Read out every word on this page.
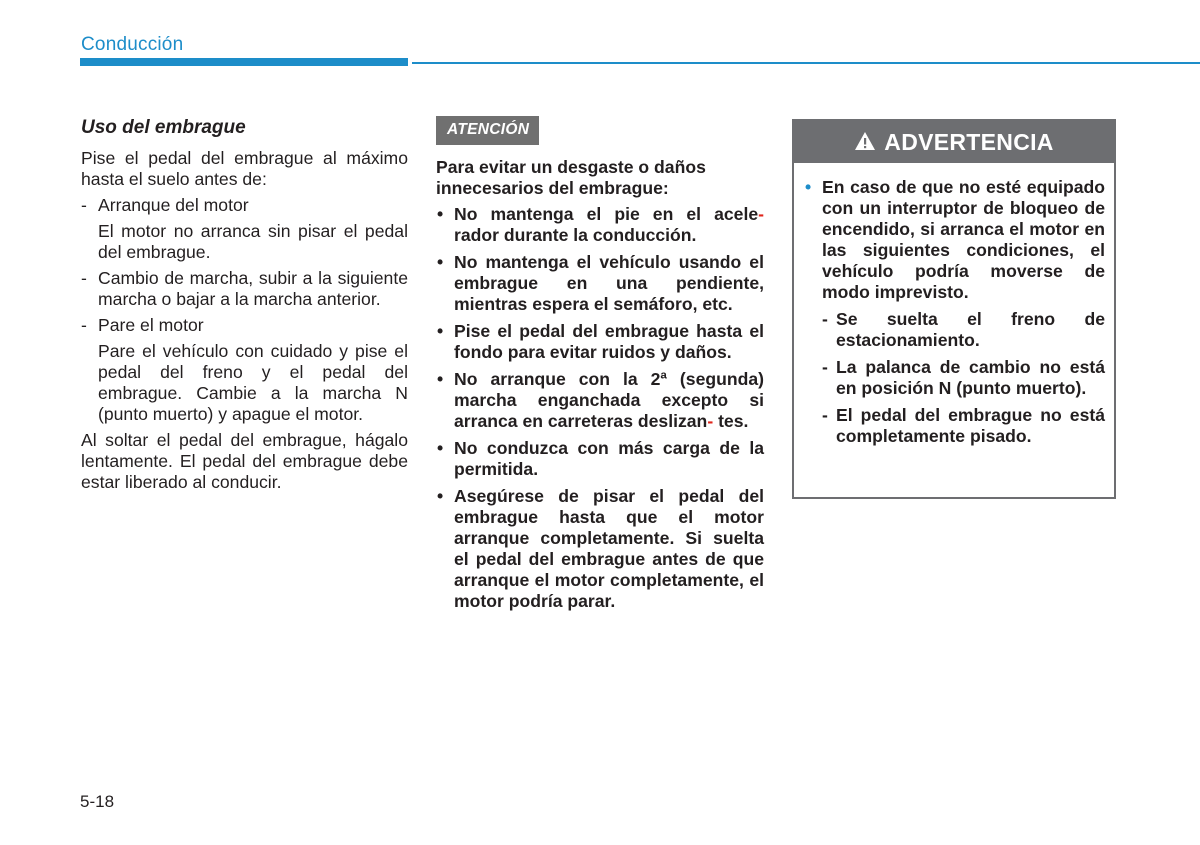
Conducción
Uso del embrague
Pise el pedal del embrague al máximo hasta el suelo antes de:
- Arranque del motor
El motor no arranca sin pisar el pedal del embrague.
- Cambio de marcha, subir a la siguiente marcha o bajar a la marcha anterior.
- Pare el motor
Pare el vehículo con cuidado y pise el pedal del freno y el pedal del embrague. Cambie a la marcha N (punto muerto) y apague el motor.
Al soltar el pedal del embrague, hágalo lentamente. El pedal del embrague debe estar liberado al conducir.
ATENCIÓN
Para evitar un desgaste o daños innecesarios del embrague:
• No mantenga el pie en el acele- rador durante la conducción.
• No mantenga el vehículo usando el embrague en una pendiente, mientras espera el semáforo, etc.
• Pise el pedal del embrague hasta el fondo para evitar ruidos y daños.
• No arranque con la 2ª (segunda) marcha enganchada excepto si arranca en carreteras deslizan- tes.
• No conduzca con más carga de la permitida.
• Asegúrese de pisar el pedal del embrague hasta que el motor arranque completamente. Si suelta el pedal del embrague antes de que arranque el motor completamente, el motor podría parar.
ADVERTENCIA
• En caso de que no esté equipado con un interruptor de bloqueo de encendido, si arranca el motor en las siguientes condiciones, el vehículo podría moverse de modo imprevisto.
- Se suelta el freno de estacionamiento.
- La palanca de cambio no está en posición N (punto muerto).
- El pedal del embrague no está completamente pisado.
5-18
